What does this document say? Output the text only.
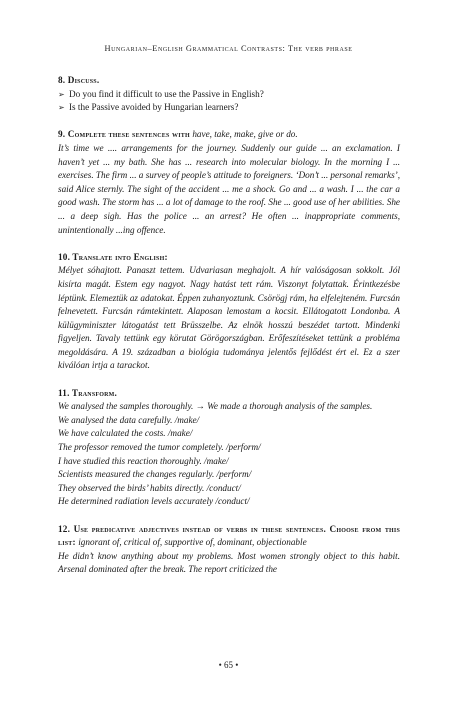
Hungarian–English Grammatical Contrasts: The verb phrase
8. Discuss.
➢ Do you find it difficult to use the Passive in English?
➢ Is the Passive avoided by Hungarian learners?
9. Complete these sentences with have, take, make, give or do.

It’s time we .... arrangements for the journey. Suddenly our guide ... an exclamation. I haven’t yet ... my bath. She has ... research into molecular biology. In the morning I ... exercises. The firm ... a survey of people’s attitude to foreigners. ‘Don’t ... personal remarks’, said Alice sternly. The sight of the accident ... me a shock. Go and ... a wash. I ... the car a good wash. The storm has ... a lot of damage to the roof. She ... good use of her abilities. She ... a deep sigh. Has the police ... an arrest? He often ... inappropriate comments, unintentionally ...ing offence.

10. Translate into English:

Mélyet sóhajtott. Panaszt tettem. Udvariasan meghajolt. A hír valóságosan sokkolt. Jól kisírta magát. Estem egy nagyot. Nagy hatást tett rám. Viszonyt folytattak. Érintkezésbe léptünk. Elemeztük az adatokat. Éppen zuhanyoztunk. Csörögj rám, ha elfelejteném. Furcsán felnevetett. Furcsán rámtekintett. Alaposan lemostam a kocsit. Ellátogatott Londonba. A külügyminiszter látogatást tett Brüsszelbe. Az elnök hosszú beszédet tartott. Mindenki figyeljen. Tavaly tettünk egy körutat Görögországban. Erőfeszítéseket tettünk a probléma megoldására. A 19. században a biológia tudománya jelentős fejlődést ért el. Ez a szer kiválóan irtja a tarackot.

11. Transform.
We analysed the samples thoroughly. → We made a thorough analysis of the samples.
We analysed the data carefully. /make/
We have calculated the costs. /make/
The professor removed the tumor completely. /perform/
I have studied this reaction thoroughly. /make/
Scientists measured the changes regularly. /perform/
They observed the birds’ habits directly. /conduct/
He determined radiation levels accurately /conduct/
12. Use predicative adjectives instead of verbs in these sentences. Choose from this list: ignorant of, critical of, supportive of, dominant, objectionable

He didn’t know anything about my problems. Most women strongly object to this habit. Arsenal dominated after the break. The report criticized the

• 65 •
